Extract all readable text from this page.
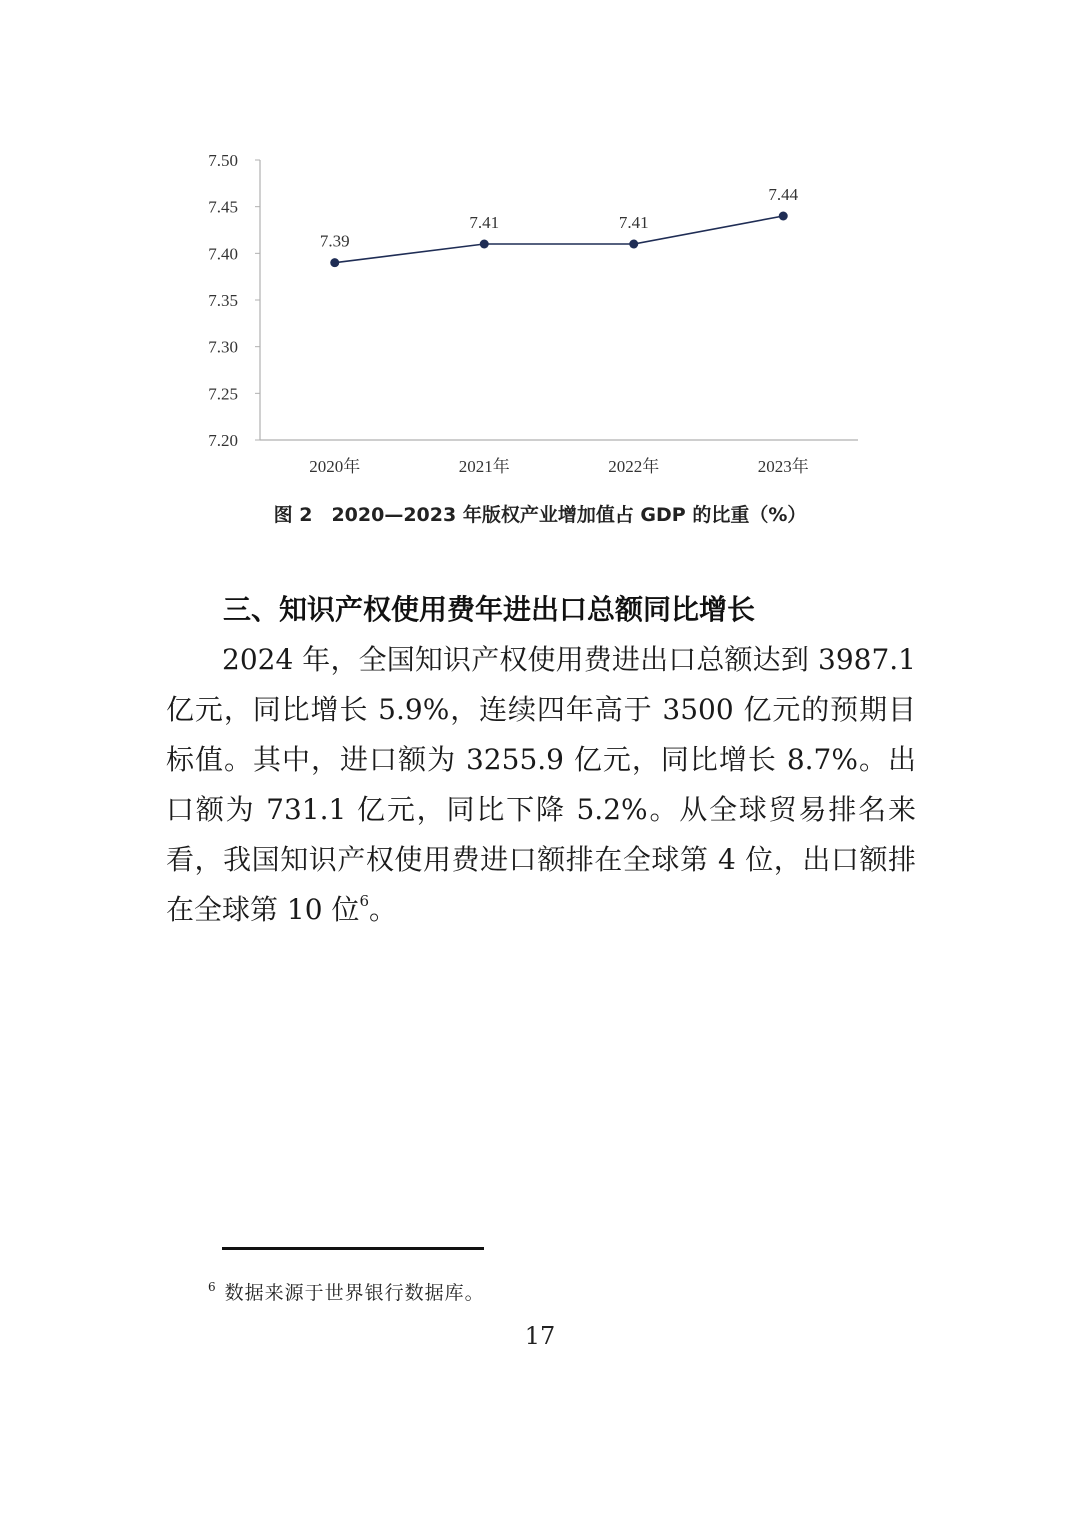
7.50
7.45
7.40
7.35
7.30
7.25
7.20
2020年	2021年	2022年	2023年
7.39
7.41	7.41
7.44
图 2　2020—2023 年版权产业增加值占 GDP 的比重（%）
三、知识产权使用费年进出口总额同比增长

2024 年，全国知识产权使用费进出口总额达到 3987.1 亿元，同比增长 5.9%，连续四年高于 3500 亿元的预期目标值。其中，进口额为 3255.9 亿元，同比增长 8.7%。出口额为 731.1 亿元，同比下降 5.2%。从全球贸易排名来看，我国知识产权使用费进口额排在全球第 4 位，出口额排在全球第 10 位$^6$。

$^6$ 数据来源于世界银行数据库。
17
